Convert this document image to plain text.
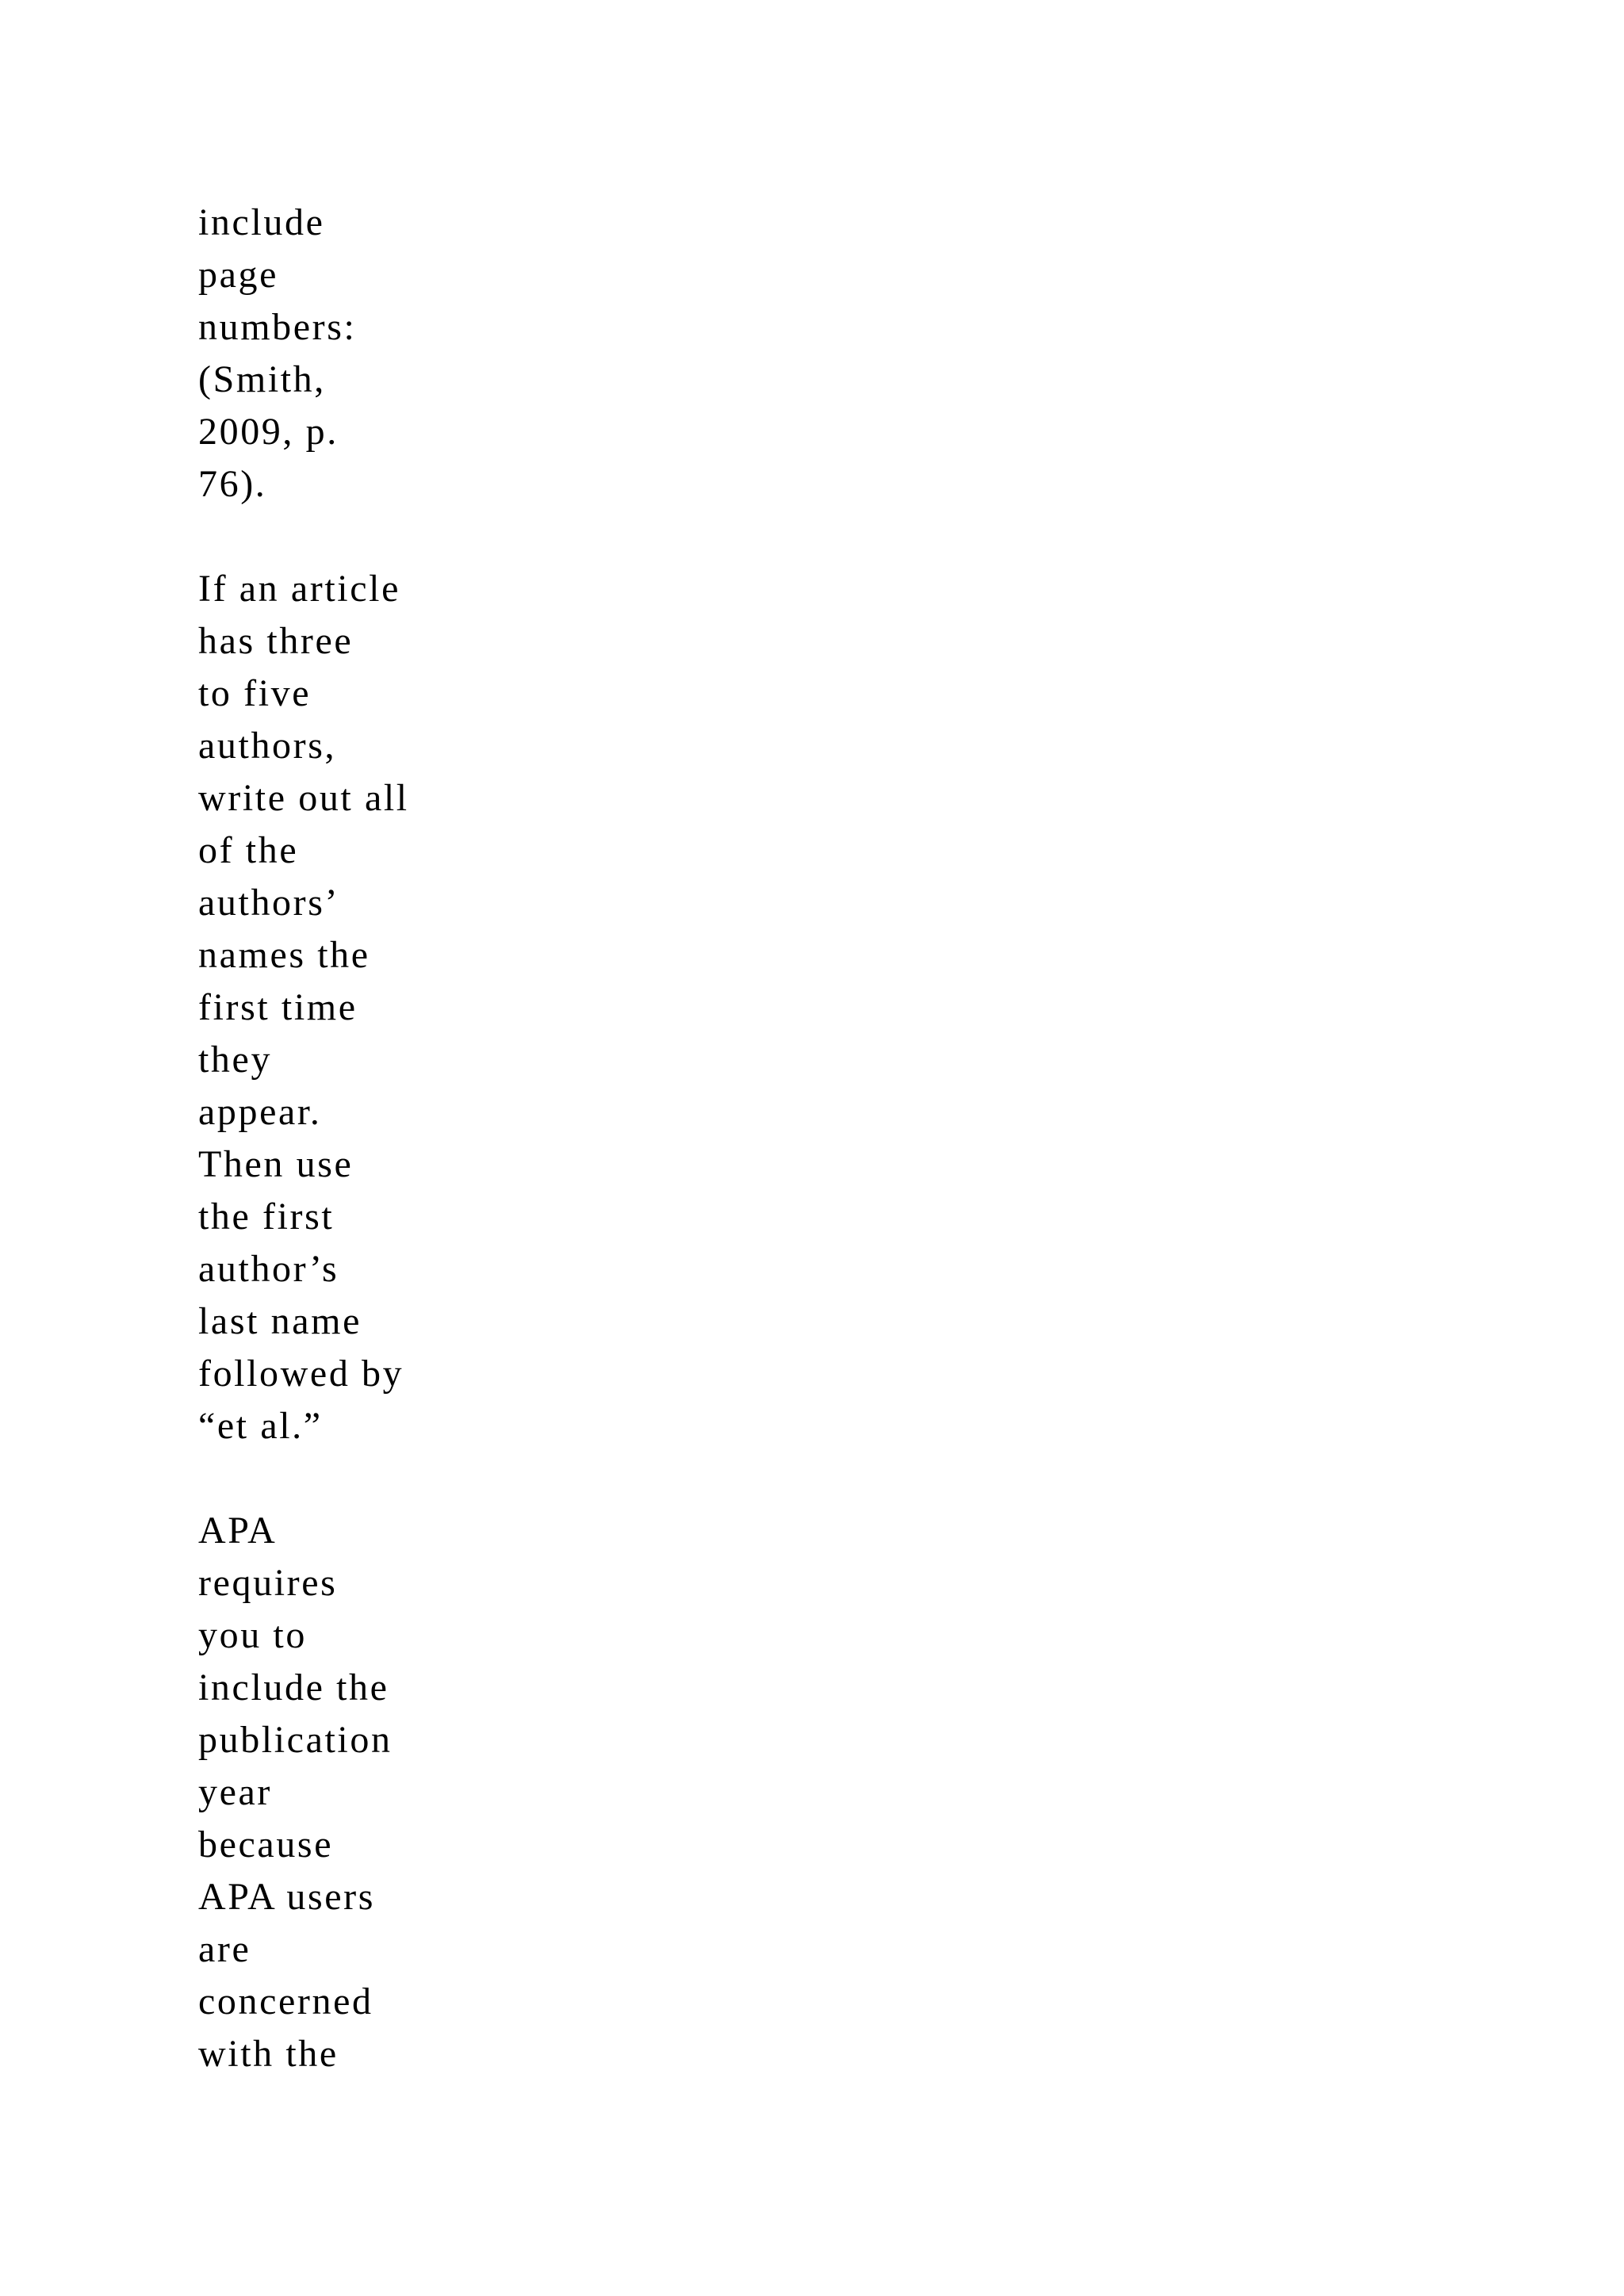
include
page
numbers:
(Smith,
2009, p.
76).

If an article
has three
to five
authors,
write out all
of the
authors’
names the
first time
they
appear.
Then use
the first
author’s
last name
followed by
“et al.”

APA
requires
you to
include the
publication
year
because
APA users
are
concerned
with the
